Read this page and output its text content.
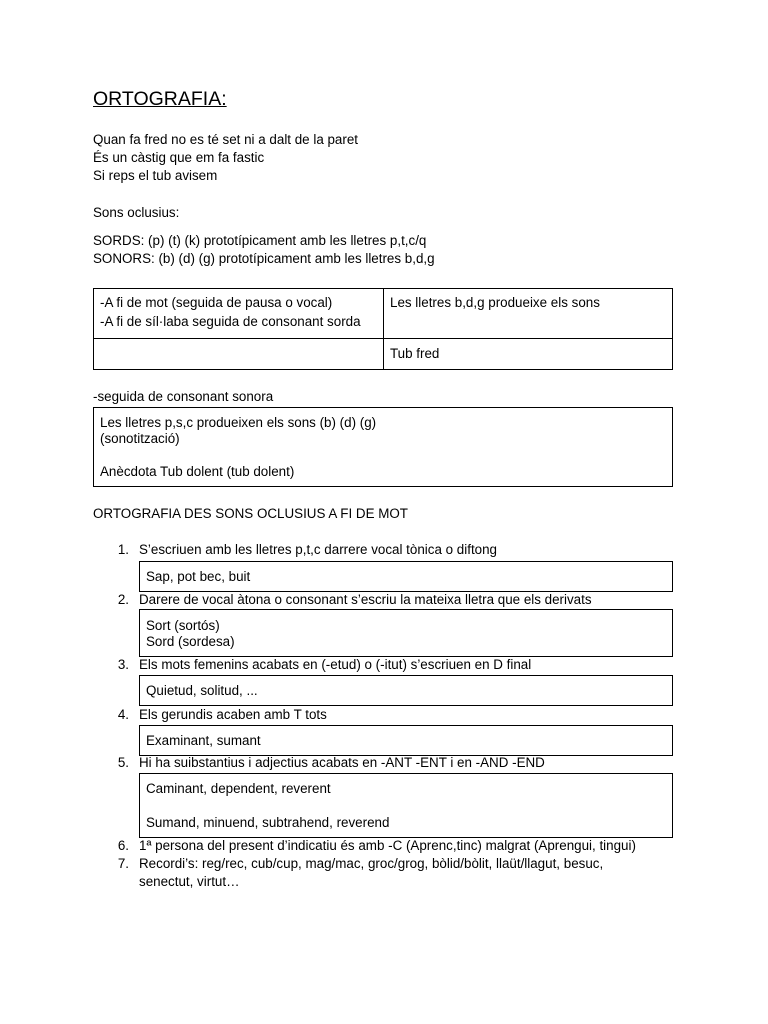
ORTOGRAFIA:
Quan fa fred no es té set ni a dalt de la paret
És un càstig que em fa fastic
Si reps el tub avisem
Sons oclusius:
SORDS: (p) (t) (k) prototípicament amb les lletres p,t,c/q
SONORS: (b) (d) (g) prototípicament amb les lletres b,d,g
-A fi de mot (seguida de pausa o vocal)
-A fi de síl·laba seguida de consonant sorda
Les lletres b,d,g produeixe els sons
Tub fred
-seguida de consonant sonora
Les lletres p,s,c produeixen els sons (b) (d) (g)
(sonotització)
Anècdota Tub dolent (tub dolent)
ORTOGRAFIA DES SONS OCLUSIUS A FI DE MOT
1. S’escriuen amb les lletres p,t,c darrere vocal tònica o diftong
Sap, pot bec, buit
2. Darere de vocal àtona o consonant s’escriu la mateixa lletra que els derivats
Sort (sortós)
Sord (sordesa)
3. Els mots femenins acabats en (-etud) o (-itut) s’escriuen en D final
Quietud, solitud, ...
4. Els gerundis acaben amb T tots
Examinant, sumant
5. Hi ha suibstantius i adjectius acabats en -ANT -ENT i en -AND -END
Caminant, dependent, reverent
Sumand, minuend, subtrahend, reverend
6. 1ª persona del present d’indicatiu és amb -C (Aprenc,tinc) malgrat (Aprengui, tingui)
7. Recordi’s: reg/rec, cub/cup, mag/mac, groc/grog, bòlid/bòlit, llaüt/llagut, besuc,
senectut, virtut…
